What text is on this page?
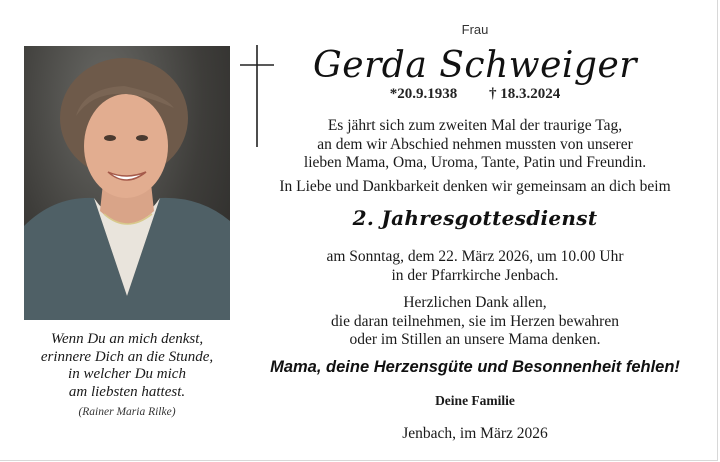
Wenn Du an mich denkst,
erinnere Dich an die Stunde,
in welcher Du mich
am liebsten hattest.
(Rainer Maria Rilke)
Frau
Gerda Schweiger
*20.9.1938 † 18.3.2024
Es jährt sich zum zweiten Mal der traurige Tag,
an dem wir Abschied nehmen mussten von unserer
lieben Mama, Oma, Uroma, Tante, Patin und Freundin.
In Liebe und Dankbarkeit denken wir gemeinsam an dich beim
2. Jahresgottesdienst
am Sonntag, dem 22. März 2026, um 10.00 Uhr
in der Pfarrkirche Jenbach.
Herzlichen Dank allen,
die daran teilnehmen, sie im Herzen bewahren
oder im Stillen an unsere Mama denken.
Mama, deine Herzensgüte und Besonnenheit fehlen!
Deine Familie
Jenbach, im März 2026
